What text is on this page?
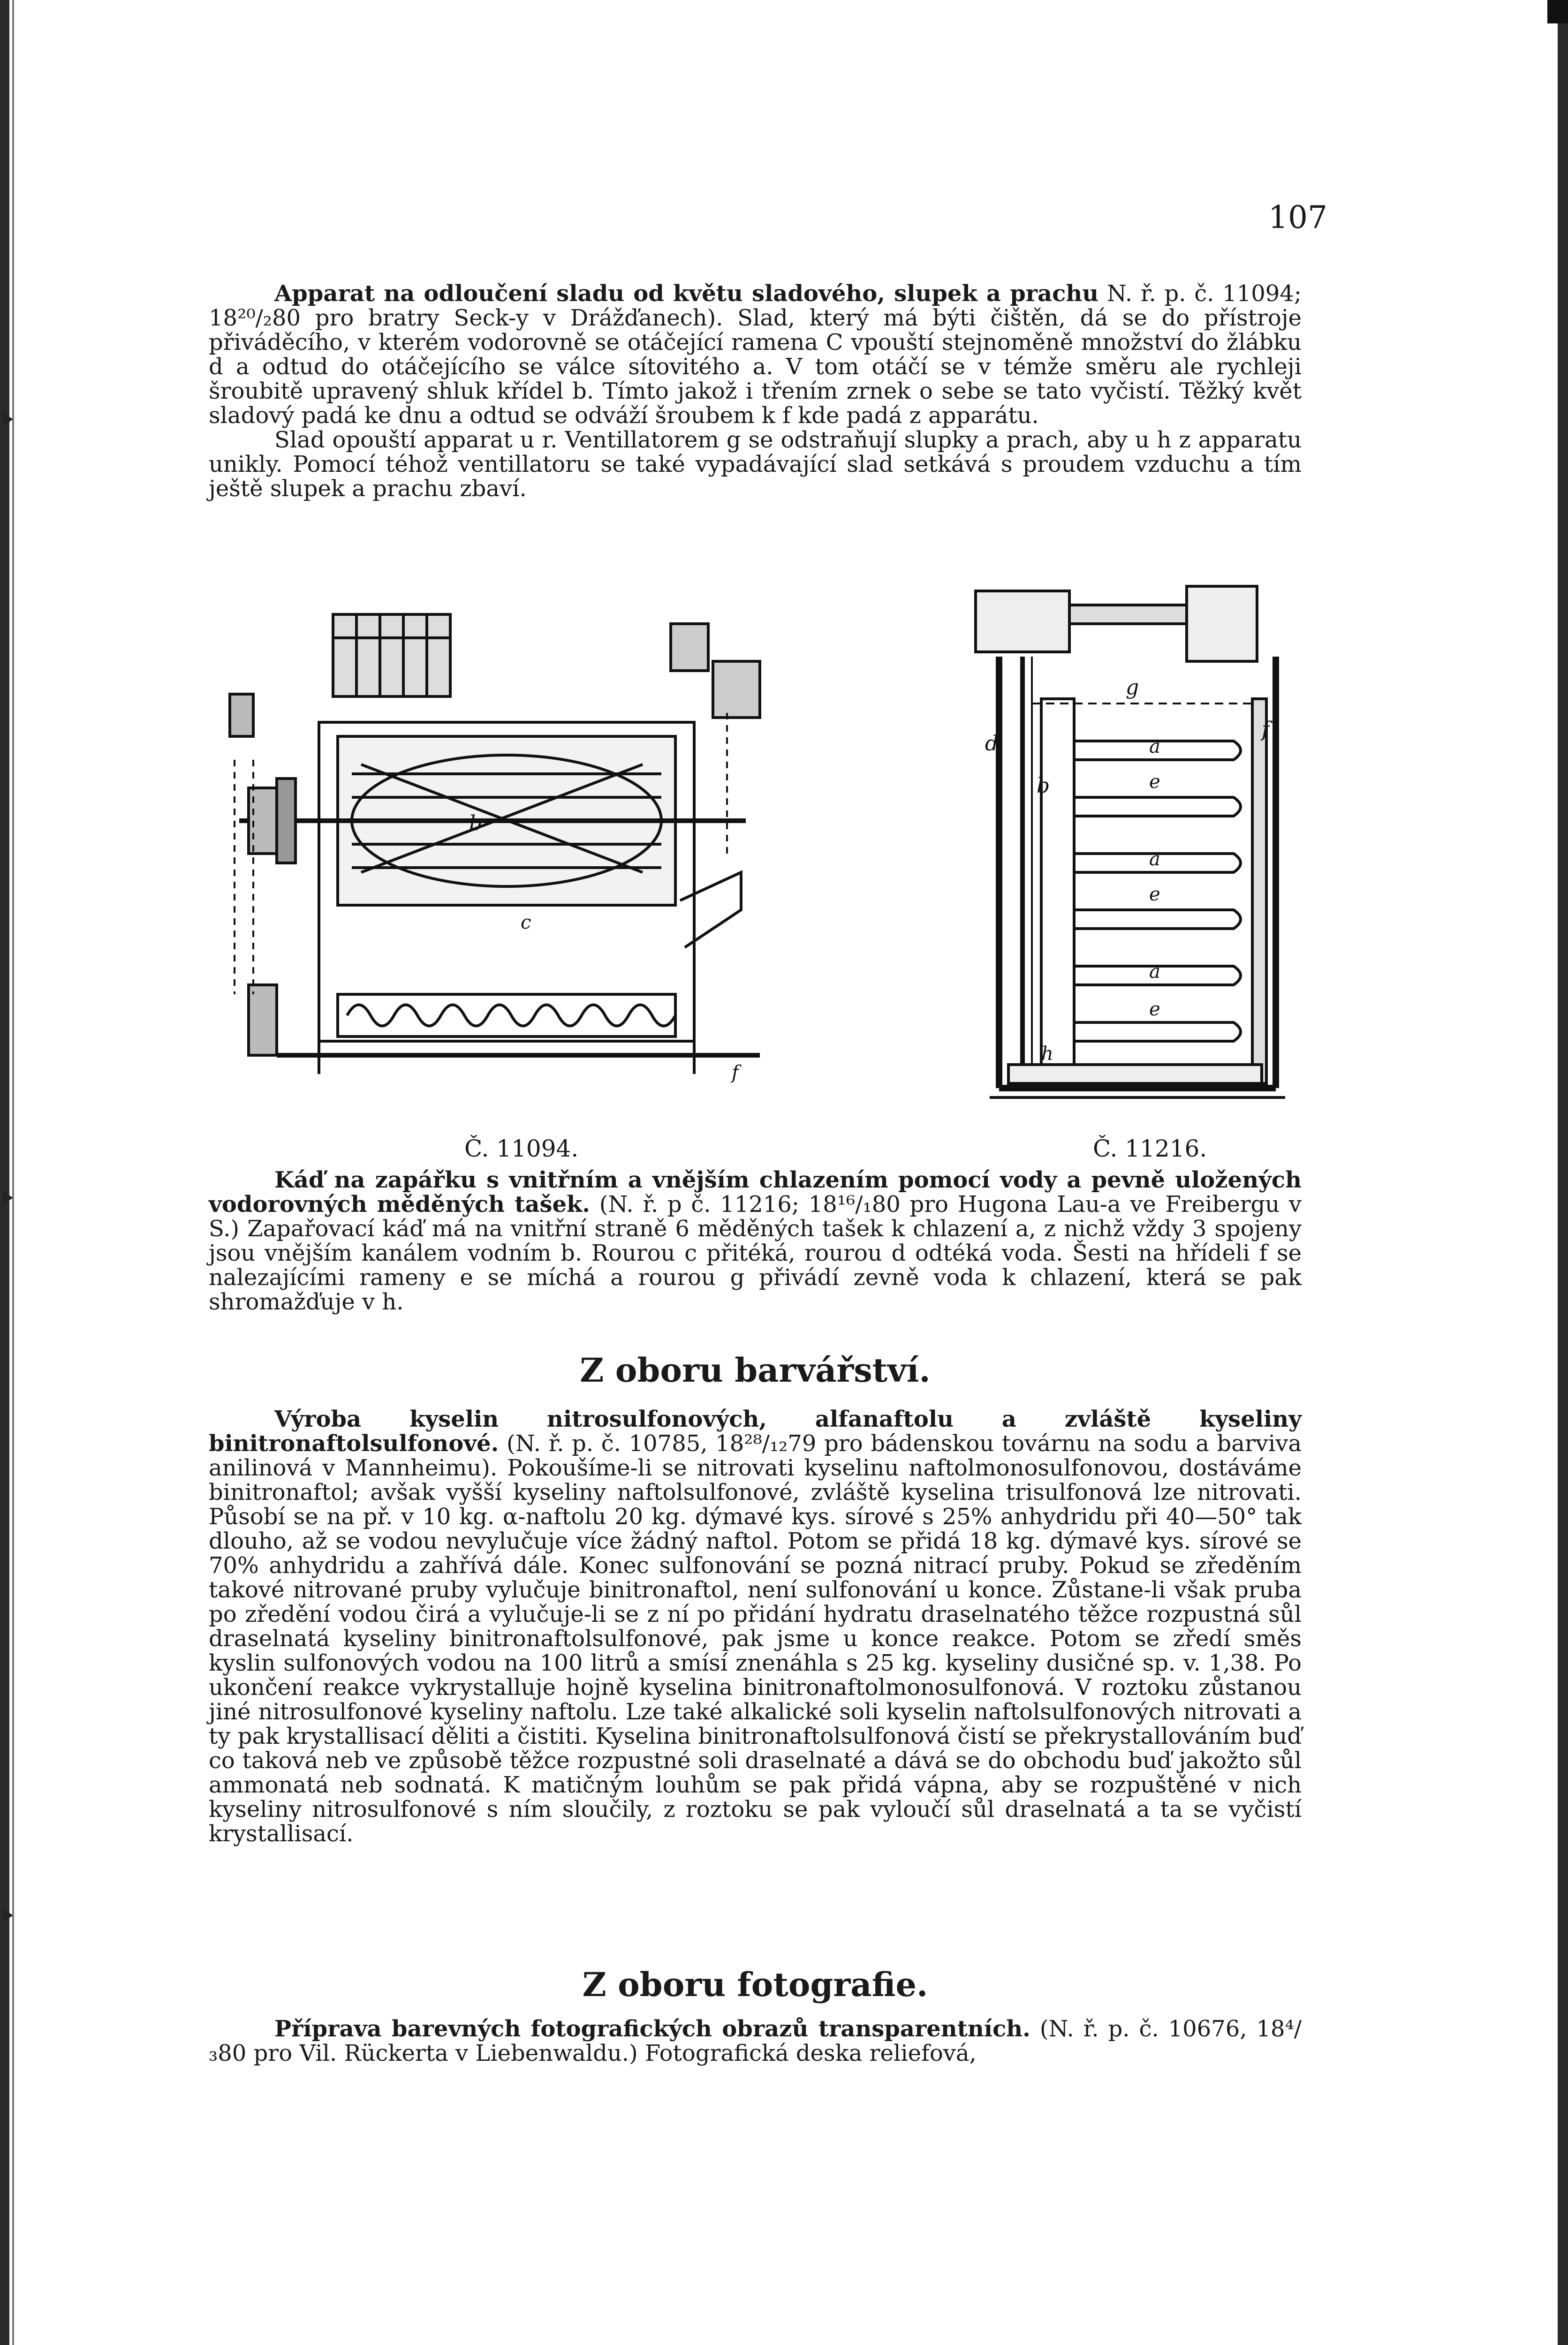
107

Apparat na odloučení sladu od květu sladového, slupek a prachu N. ř. p. č. 11094; 18²⁰/₂80 pro bratry Seck-y v Drážďanech). Slad, který má býti čištěn, dá se do přístroje přiváděcího, v kterém vodorovně se otáčející ramena C vpouští stejnoměně množství do žlábku d a odtud do otáčejícího se válce sítovitého a. V tom otáčí se v témže směru ale rychleji šroubitě upravený shluk křídel b. Tímto jakož i třením zrnek o sebe se tato vyčistí. Těžký květ sladový padá ke dnu a odtud se odváží šroubem k f kde padá z apparátu.

Slad opouští apparat u r. Ventillatorem g se odstraňují slupky a prach, aby u h z apparatu unikly. Pomocí téhož ventillatoru se také vypadávající slad setkává s proudem vzduchu a tím ještě slupek a prachu zbaví.

b
f
c
Č. 11094.
g
f
d
b
a
e
a
e
a
e
h
Č. 11216.

Káď na zapářku s vnitřním a vnějším chlazením pomocí vody a pevně uložených vodorovných měděných tašek. (N. ř. p č. 11216; 18¹⁶/₁80 pro Hugona Lau-a ve Freibergu v S.) Zapařovací káď má na vnitřní straně 6 měděných tašek k chlazení a, z nichž vždy 3 spojeny jsou vnějším kanálem vodním b. Rourou c přitéká, rourou d odtéká voda. Šesti na hřídeli f se nalezajícími rameny e se míchá a rourou g přivádí zevně voda k chlazení, která se pak shromažďuje v h.

Z oboru barvářství.

Výroba kyselin nitrosulfonových, alfanaftolu a zvláště kyseliny binitronaftolsulfonové. (N. ř. p. č. 10785, 18²⁸/₁₂79 pro bádenskou továrnu na sodu a barviva anilinová v Mannheimu). Pokoušíme-li se nitrovati kyselinu naftolmonosulfonovou, dostáváme binitronaftol; avšak vyšší kyseliny naftolsulfonové, zvláště kyselina trisulfonová lze nitrovati. Působí se na př. v 10 kg. α-naftolu 20 kg. dýmavé kys. sírové s 25% anhydridu při 40—50° tak dlouho, až se vodou nevylučuje více žádný naftol. Potom se přidá 18 kg. dýmavé kys. sírové se 70% anhydridu a zahřívá dále. Konec sulfonování se pozná nitrací pruby. Pokud se zředěním takové nitrované pruby vylučuje binitronaftol, není sulfonování u konce. Zůstane-li však pruba po zředění vodou čirá a vylučuje-li se z ní po přidání hydratu draselnatého těžce rozpustná sůl draselnatá kyseliny binitronaftolsulfonové, pak jsme u konce reakce. Potom se zředí směs kyslin sulfonových vodou na 100 litrů a smísí znenáhla s 25 kg. kyseliny dusičné sp. v. 1,38. Po ukončení reakce vykrystalluje hojně kyselina binitronaftolmonosulfonová. V roztoku zůstanou jiné nitrosulfonové kyseliny naftolu. Lze také alkalické soli kyselin naftolsulfonových nitrovati a ty pak krystallisací děliti a čistiti. Kyselina binitronaftolsulfonová čistí se překrystallováním buď co taková neb ve způsobě těžce rozpustné soli draselnaté a dává se do obchodu buď jakožto sůl ammonatá neb sodnatá. K matičným louhům se pak přidá vápna, aby se rozpuštěné v nich kyseliny nitrosulfonové s ním sloučily, z roztoku se pak vyloučí sůl draselnatá a ta se vyčistí krystallisací.

Z oboru fotografie.

Příprava barevných fotografických obrazů transparentních. (N. ř. p. č. 10676, 18⁴/₃80 pro Vil. Rückerta v Liebenwaldu.) Fotografická deska reliefová,
